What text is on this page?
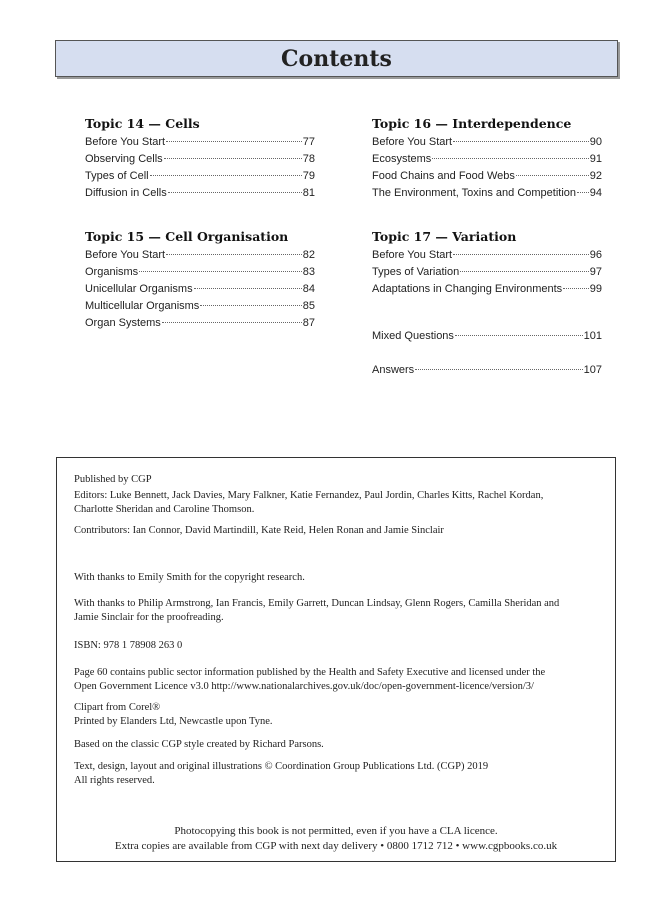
Contents
Topic 14 — Cells
Before You Start	77
Observing Cells	78
Types of Cell	79
Diffusion in Cells	81
Topic 15 — Cell Organisation
Before You Start	82
Organisms	83
Unicellular Organisms	84
Multicellular Organisms	85
Organ Systems	87
Topic 16 — Interdependence
Before You Start	90
Ecosystems	91
Food Chains and Food Webs	92
The Environment, Toxins and Competition 94
Topic 17 — Variation
Before You Start	96
Types of Variation	97
Adaptations in Changing Environments	99
Mixed Questions	101
Answers	107
Published by CGP
Editors: Luke Bennett, Jack Davies, Mary Falkner, Katie Fernandez, Paul Jordin, Charles Kitts, Rachel Kordan,
Charlotte Sheridan and Caroline Thomson.
Contributors: Ian Connor, David Martindill, Kate Reid, Helen Ronan and Jamie Sinclair
With thanks to Emily Smith for the copyright research.
With thanks to Philip Armstrong, Ian Francis, Emily Garrett, Duncan Lindsay, Glenn Rogers, Camilla Sheridan and
Jamie Sinclair for the proofreading.
ISBN: 978 1 78908 263 0
Page 60 contains public sector information published by the Health and Safety Executive and licensed under the
Open Government Licence v3.0 http://www.nationalarchives.gov.uk/doc/open-government-licence/version/3/
Clipart from Corel®
Printed by Elanders Ltd, Newcastle upon Tyne.
Based on the classic CGP style created by Richard Parsons.
Text, design, layout and original illustrations © Coordination Group Publications Ltd. (CGP) 2019
All rights reserved.
Photocopying this book is not permitted, even if you have a CLA licence.
Extra copies are available from CGP with next day delivery • 0800 1712 712 • www.cgpbooks.co.uk
